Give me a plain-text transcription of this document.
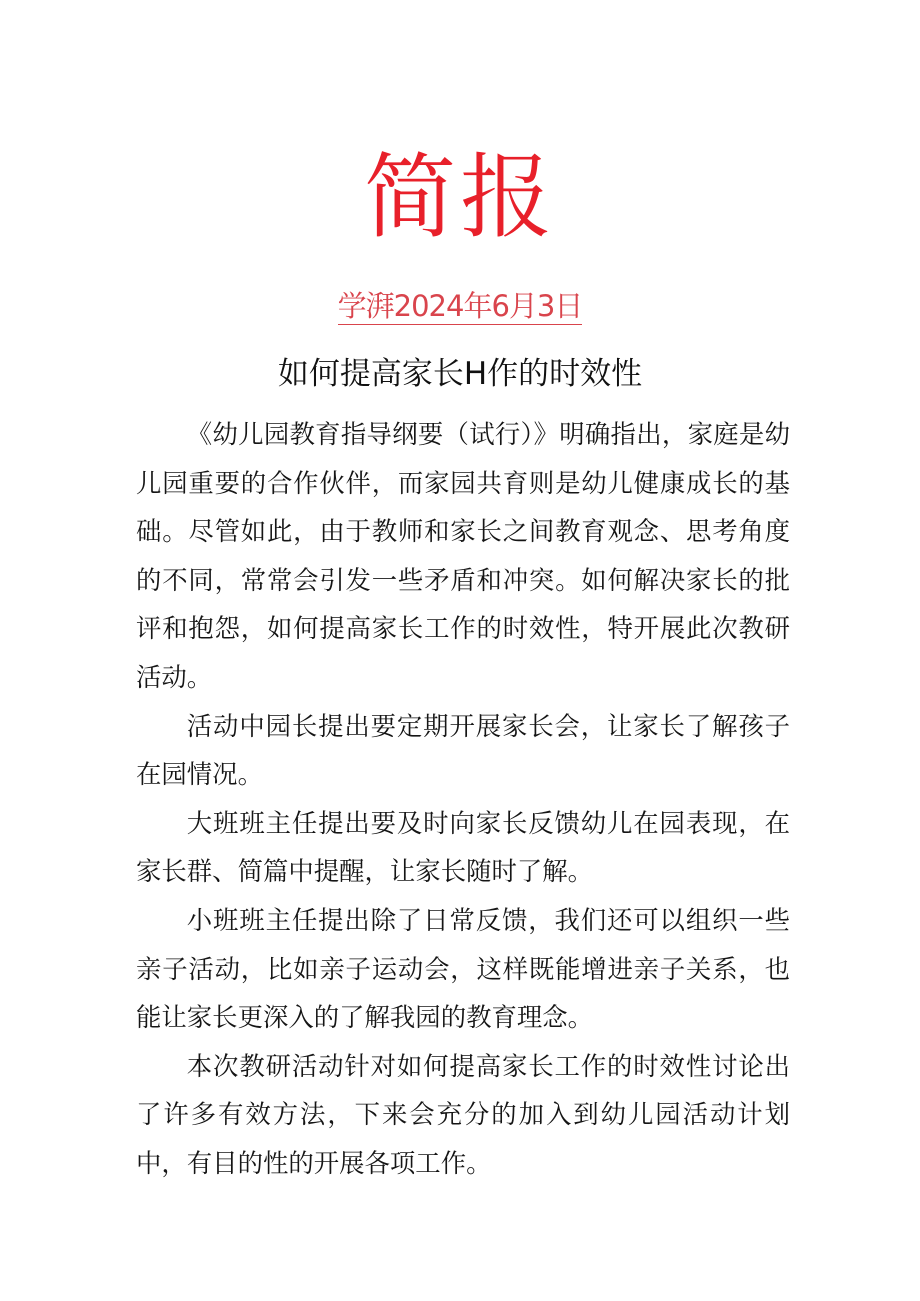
简报
学湃2024年6月3日
如何提高家长H作的时效性

《幼儿园教育指导纲要（试行）》明确指出，家庭是幼儿园重要的合作伙伴，而家园共育则是幼儿健康成长的基础。尽管如此，由于教师和家长之间教育观念、思考角度的不同，常常会引发一些矛盾和冲突。如何解决家长的批评和抱怨，如何提高家长工作的时效性，特开展此次教研活动。

活动中园长提出要定期开展家长会，让家长了解孩子在园情况。

大班班主任提出要及时向家长反馈幼儿在园表现，在家长群、简篇中提醒，让家长随时了解。

小班班主任提出除了日常反馈，我们还可以组织一些亲子活动，比如亲子运动会，这样既能增进亲子关系，也能让家长更深入的了解我园的教育理念。

本次教研活动针对如何提高家长工作的时效性讨论出了许多有效方法，下来会充分的加入到幼儿园活动计划中，有目的性的开展各项工作。
